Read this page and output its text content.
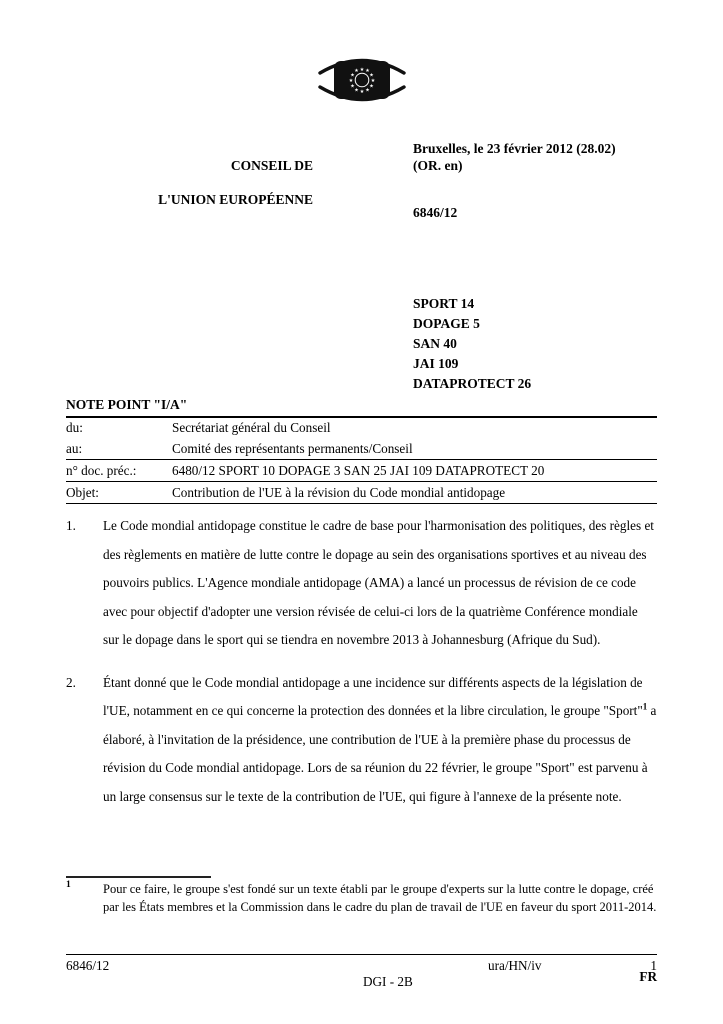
★ ★
★
★
★
★
★
★
★
★
★
★

CONSEIL DE

L'UNION EUROPÉENNE

Bruxelles, le 23 février 2012 (28.02)
(OR. en)
6846/12
SPORT 14
DOPAGE 5
SAN 40
JAI 109
DATAPROTECT 26
NOTE POINT "I/A"
du:	Secrétariat général du Conseil
au:	Comité des représentants permanents/Conseil
n° doc. préc.:	6480/12 SPORT 10 DOPAGE 3 SAN 25 JAI 109 DATAPROTECT 20
Objet:	Contribution de l'UE à la révision du Code mondial antidopage
1.	Le Code mondial antidopage constitue le cadre de base pour l'harmonisation des politiques, des règles et des règlements en matière de lutte contre le dopage au sein des organisations sportives et au niveau des pouvoirs publics. L'Agence mondiale antidopage (AMA) a lancé un processus de révision de ce code avec pour objectif d'adopter une version révisée de celui-ci lors de la quatrième Conférence mondiale sur le dopage dans le sport qui se tiendra en novembre 2013 à Johannesburg (Afrique du Sud).
2.	Étant donné que le Code mondial antidopage a une incidence sur différents aspects de la législation de l'UE, notamment en ce qui concerne la protection des données et la libre circulation, le groupe "Sport"$^1$ a élaboré, à l'invitation de la présidence, une contribution de l'UE à la première phase du processus de révision du Code mondial antidopage. Lors de sa réunion du 22 février, le groupe "Sport" est parvenu à un large consensus sur le texte de la contribution de l'UE, qui figure à l'annexe de la présente note.
1	Pour ce faire, le groupe s'est fondé sur un texte établi par le groupe d'experts sur la lutte contre le dopage, créé par les États membres et la Commission dans le cadre du plan de travail de l'UE en faveur du sport 2011-2014.
6846/12	ura/HN/iv	1
DGI - 2B	FR
